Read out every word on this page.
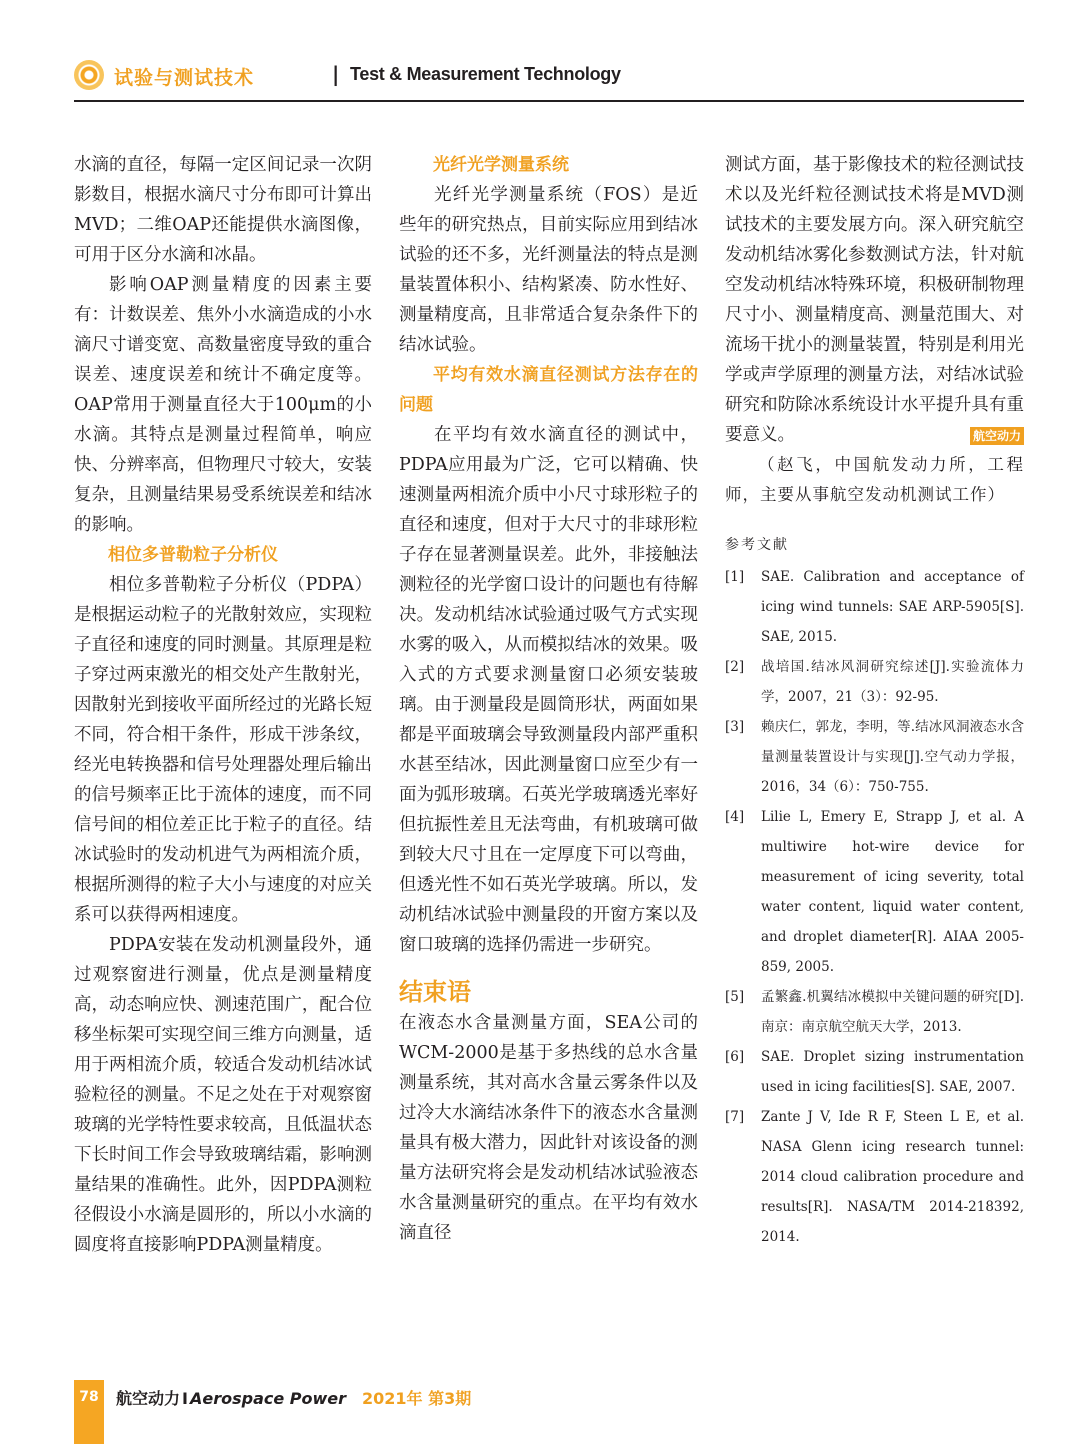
试验与测试技术	| Test & Measurement Technology

水滴的直径，每隔一定区间记录一次阴影数目，根据水滴尺寸分布即可计算出MVD；二维OAP还能提供水滴图像，可用于区分水滴和冰晶。

影响OAP测量精度的因素主要有：计数误差、焦外小水滴造成的小水滴尺寸谱变宽、高数量密度导致的重合误差、速度误差和统计不确定度等。OAP常用于测量直径大于100μm的小水滴。其特点是测量过程简单，响应快、分辨率高，但物理尺寸较大，安装复杂，且测量结果易受系统误差和结冰的影响。

相位多普勒粒子分析仪

相位多普勒粒子分析仪（PDPA）是根据运动粒子的光散射效应，实现粒子直径和速度的同时测量。其原理是粒子穿过两束激光的相交处产生散射光，因散射光到接收平面所经过的光路长短不同，符合相干条件，形成干涉条纹，经光电转换器和信号处理器处理后输出的信号频率正比于流体的速度，而不同信号间的相位差正比于粒子的直径。结冰试验时的发动机进气为两相流介质，根据所测得的粒子大小与速度的对应关系可以获得两相速度。

PDPA安装在发动机测量段外，通过观察窗进行测量，优点是测量精度高，动态响应快、测速范围广，配合位移坐标架可实现空间三维方向测量，适用于两相流介质，较适合发动机结冰试验粒径的测量。不足之处在于对观察窗玻璃的光学特性要求较高，且低温状态下长时间工作会导致玻璃结霜，影响测量结果的准确性。此外，因PDPA测粒径假设小水滴是圆形的，所以小水滴的圆度将直接影响PDPA测量精度。

光纤光学测量系统

光纤光学测量系统（FOS）是近些年的研究热点，目前实际应用到结冰试验的还不多，光纤测量法的特点是测量装置体积小、结构紧凑、防水性好、测量精度高，且非常适合复杂条件下的结冰试验。

平均有效水滴直径测试方法存在的问题

在平均有效水滴直径的测试中，PDPA应用最为广泛，它可以精确、快速测量两相流介质中小尺寸球形粒子的直径和速度，但对于大尺寸的非球形粒子存在显著测量误差。此外，非接触法测粒径的光学窗口设计的问题也有待解决。发动机结冰试验通过吸气方式实现水雾的吸入，从而模拟结冰的效果。吸入式的方式要求测量窗口必须安装玻璃。由于测量段是圆筒形状，两面如果都是平面玻璃会导致测量段内部严重积水甚至结冰，因此测量窗口应至少有一面为弧形玻璃。石英光学玻璃透光率好但抗振性差且无法弯曲，有机玻璃可做到较大尺寸且在一定厚度下可以弯曲，但透光性不如石英光学玻璃。所以，发动机结冰试验中测量段的开窗方案以及窗口玻璃的选择仍需进一步研究。

结束语

在液态水含量测量方面，SEA公司的WCM-2000是基于多热线的总水含量测量系统，其对高水含量云雾条件以及过冷大水滴结冰条件下的液态水含量测量具有极大潜力，因此针对该设备的测量方法研究将会是发动机结冰试验液态水含量测量研究的重点。在平均有效水滴直径

测试方面，基于影像技术的粒径测试技术以及光纤粒径测试技术将是MVD测试技术的主要发展方向。深入研究航空发动机结冰雾化参数测试方法，针对航空发动机结冰特殊环境，积极研制物理尺寸小、测量精度高、测量范围大、对流场干扰小的测量装置，特别是利用光学或声学原理的测量方法，对结冰试验研究和防除冰系统设计水平提升具有重要意义。	航空动力

（赵飞，中国航发动力所，工程师，主要从事航空发动机测试工作）

参考文献

[1]	SAE. Calibration and acceptance of icing wind tunnels: SAE ARP-5905[S]. SAE, 2015.
[2]	战培国.结冰风洞研究综述[J].实验流体力学，2007，21（3）：92-95.
[3]	赖庆仁，郭龙，李明，等.结冰风洞液态水含量测量装置设计与实现[J].空气动力学报，2016，34（6）：750-755.
[4]	Lilie L, Emery E, Strapp J, et al. A multiwire hot-wire device for measurement of icing severity, total water content, liquid water content, and droplet diameter[R]. AIAA 2005-859, 2005.
[5]	孟繁鑫.机翼结冰模拟中关键问题的研究[D].南京：南京航空航天大学，2013.
[6]	SAE. Droplet sizing instrumentation used in icing facilities[S]. SAE, 2007.
[7]	Zante J V, Ide R F, Steen L E, et al. NASA Glenn icing research tunnel: 2014 cloud calibration procedure and results[R]. NASA/TM 2014-218392, 2014.
78	航空动力 I Aerospace Power 2021年 第3期
